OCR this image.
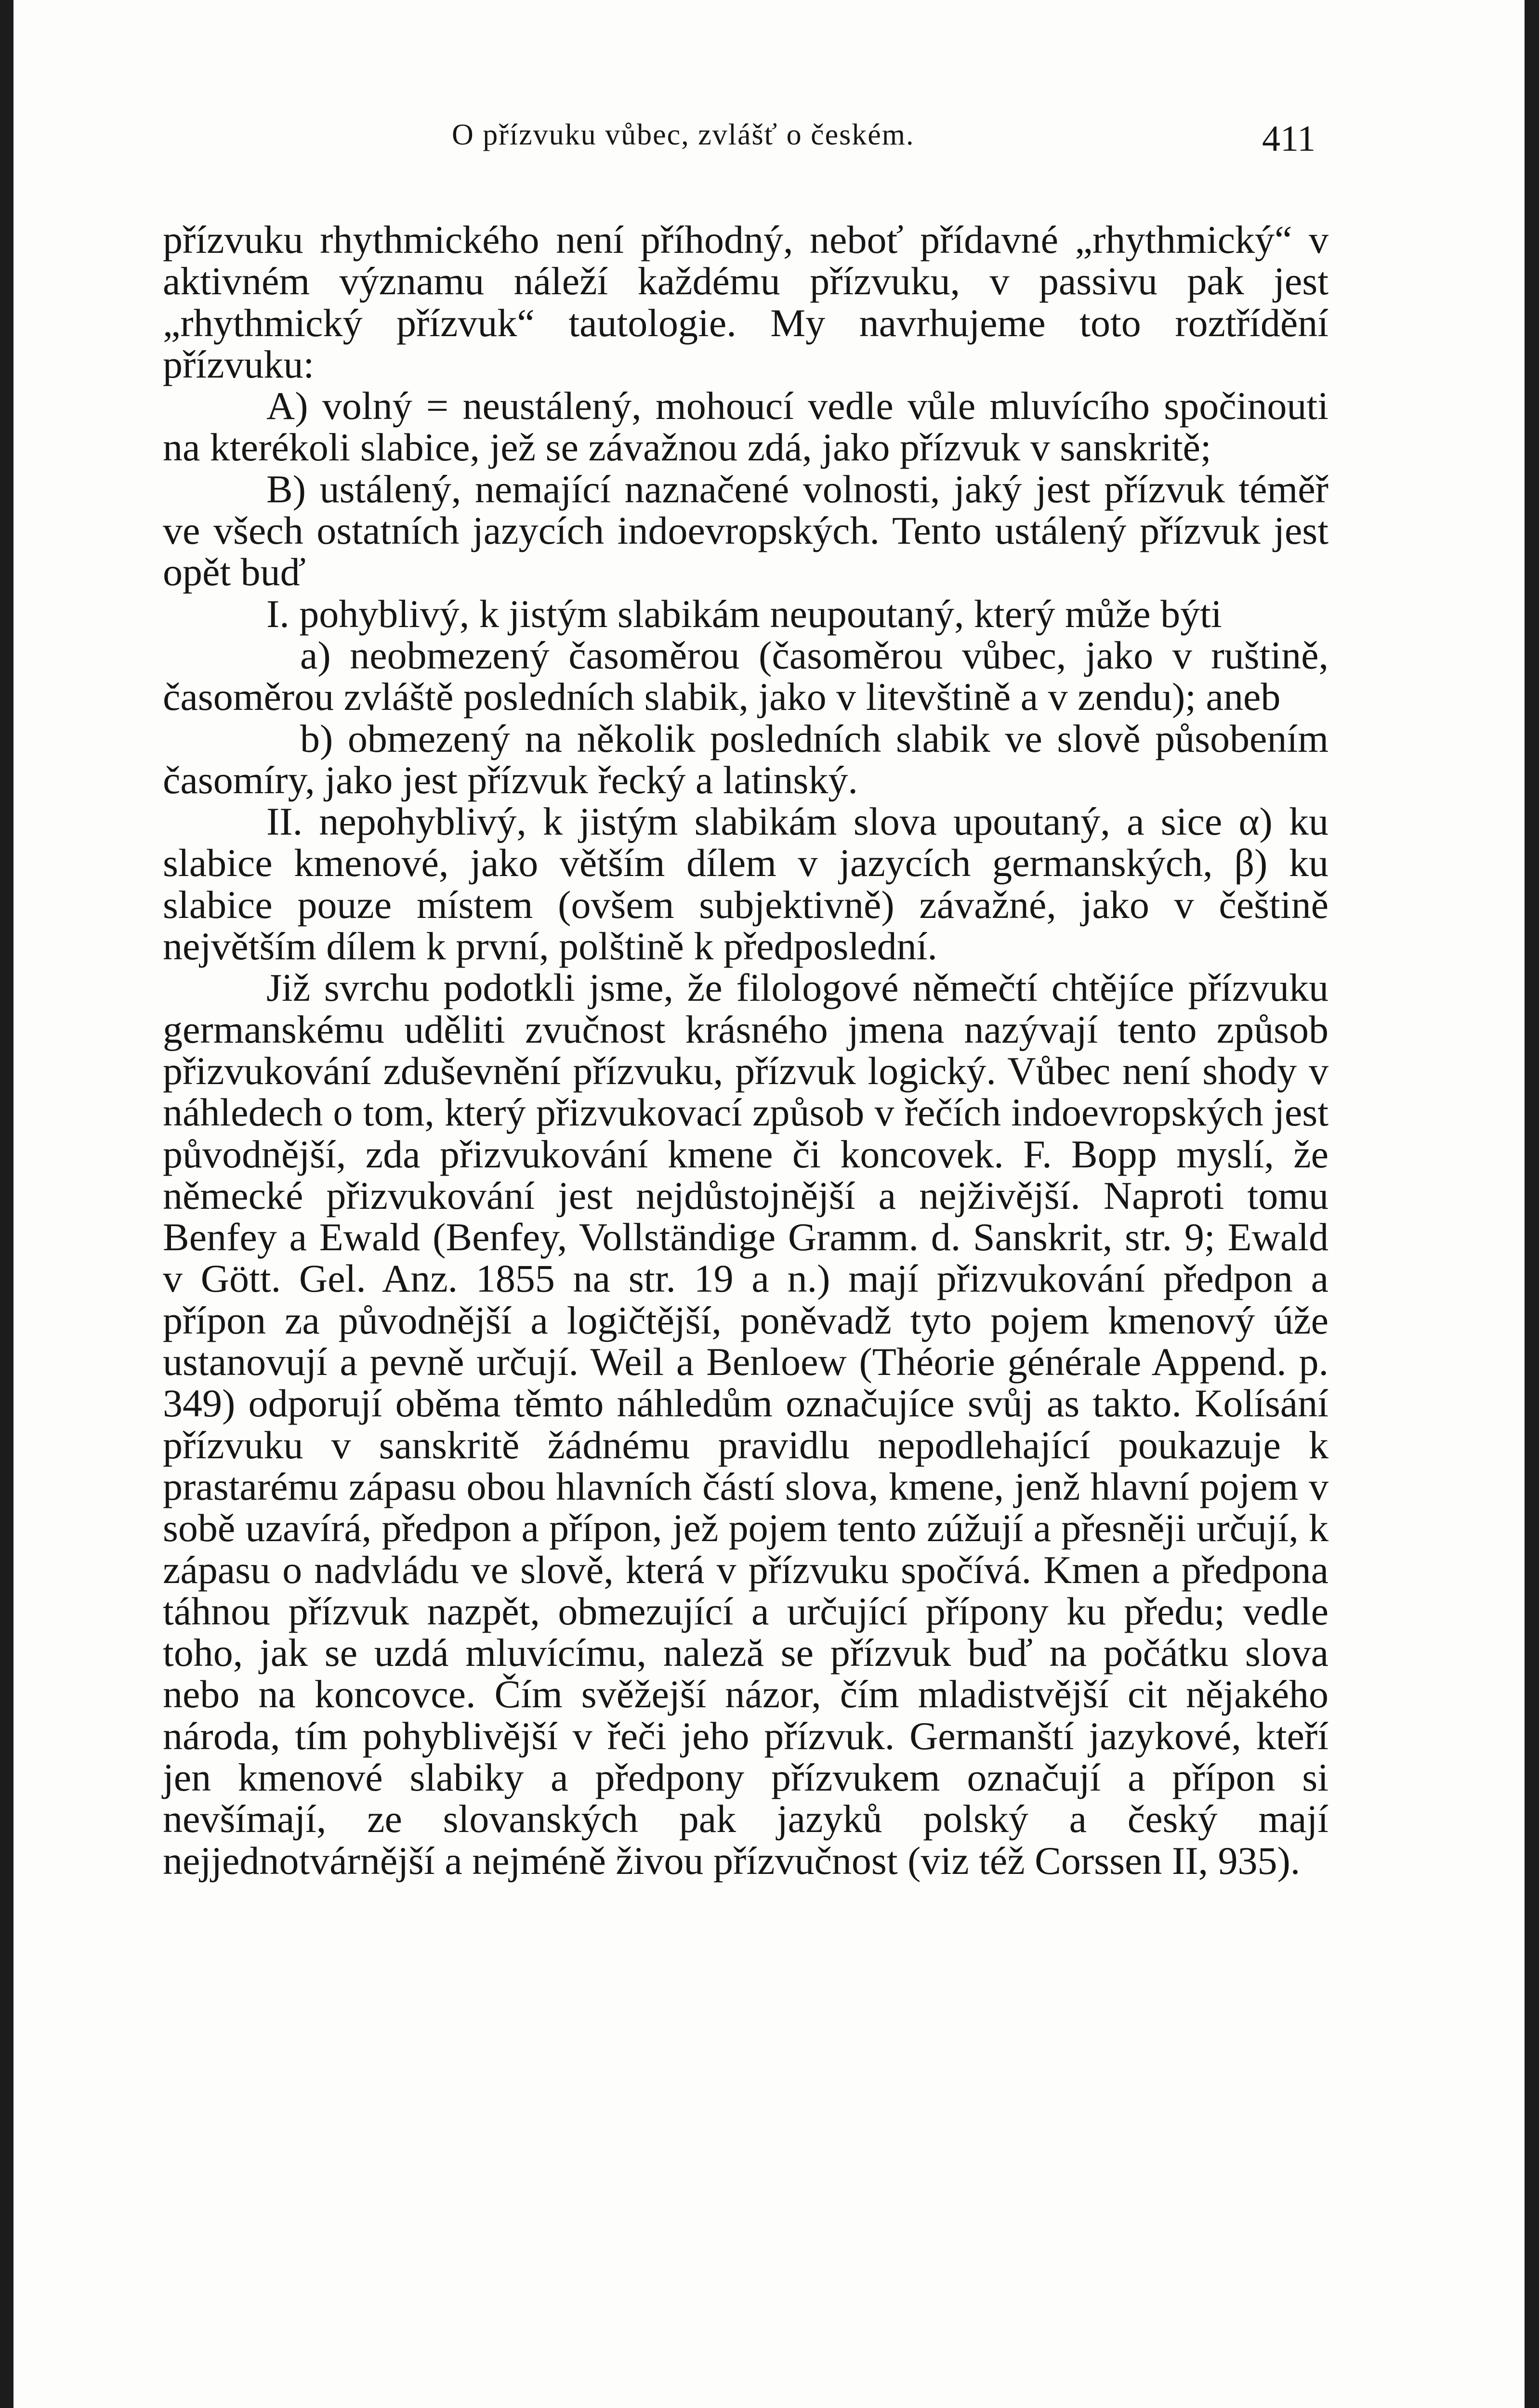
O přízvuku vůbec, zvlášť o českém.	411

přízvuku rhythmického není příhodný, neboť přídavné „rhythmický“ v aktivném významu náleží každému přízvuku, v passivu pak jest „rhythmický přízvuk“ tautologie. My navrhujeme toto roztřídění přízvuku:

A) volný = neustálený, mohoucí vedle vůle mluvícího spočinouti na kterékoli slabice, jež se závažnou zdá, jako přízvuk v sanskritě;

B) ustálený, nemající naznačené volnosti, jaký jest přízvuk téměř ve všech ostatních jazycích indoevropských. Tento ustálený přízvuk jest opět buď

I. pohyblivý, k jistým slabikám neupoutaný, který může býti

a) neobmezený časoměrou (časoměrou vůbec, jako v ruštině, časoměrou zvláště posledních slabik, jako v litevštině a v zendu); aneb

b) obmezený na několik posledních slabik ve slově působením časomíry, jako jest přízvuk řecký a latinský.

II. nepohyblivý, k jistým slabikám slova upoutaný, a sice α) ku slabice kmenové, jako větším dílem v jazycích germanských, β) ku slabice pouze místem (ovšem subjektivně) závažné, jako v češtině největším dílem k první, polštině k předposlední.

Již svrchu podotkli jsme, že filologové němečtí chtějíce přízvuku germanskému uděliti zvučnost krásného jmena nazývají tento způsob přizvukování zduševnění přízvuku, přízvuk logický. Vůbec není shody v náhledech o tom, který přizvukovací způsob v řečích indoevropských jest původnější, zda přizvukování kmene či koncovek. F. Bopp myslí, že německé přizvukování jest nejdůstojnější a nejživější. Naproti tomu Benfey a Ewald (Benfey, Vollständige Gramm. d. Sanskrit, str. 9; Ewald v Gött. Gel. Anz. 1855 na str. 19 a n.) mají přizvukování předpon a přípon za původnější a logičtější, poněvadž tyto pojem kmenový úže ustanovují a pevně určují. Weil a Benloew (Théorie générale Append. p. 349) odporují oběma těmto náhledům označujíce svůj as takto. Kolísání přízvuku v sanskritě žádnému pravidlu nepodlehající poukazuje k prastarému zápasu obou hlavních částí slova, kmene, jenž hlavní pojem v sobě uzavírá, předpon a přípon, jež pojem tento zúžují a přesněji určují, k zápasu o nadvládu ve slově, která v přízvuku spočívá. Kmen a předpona táhnou přízvuk nazpět, obmezující a určující přípony ku předu; vedle toho, jak se uzdá mluvícímu, naleză se přízvuk buď na počátku slova nebo na koncovce. Čím svěžejší názor, čím mladistvější cit nějakého národa, tím pohyblivější v řeči jeho přízvuk. Germanští jazykové, kteří jen kmenové slabiky a předpony přízvukem označují a přípon si nevšímají, ze slovanských pak jazyků polský a český mají nejjednotvárnější a nejméně živou přízvučnost (viz též Corssen II, 935).
